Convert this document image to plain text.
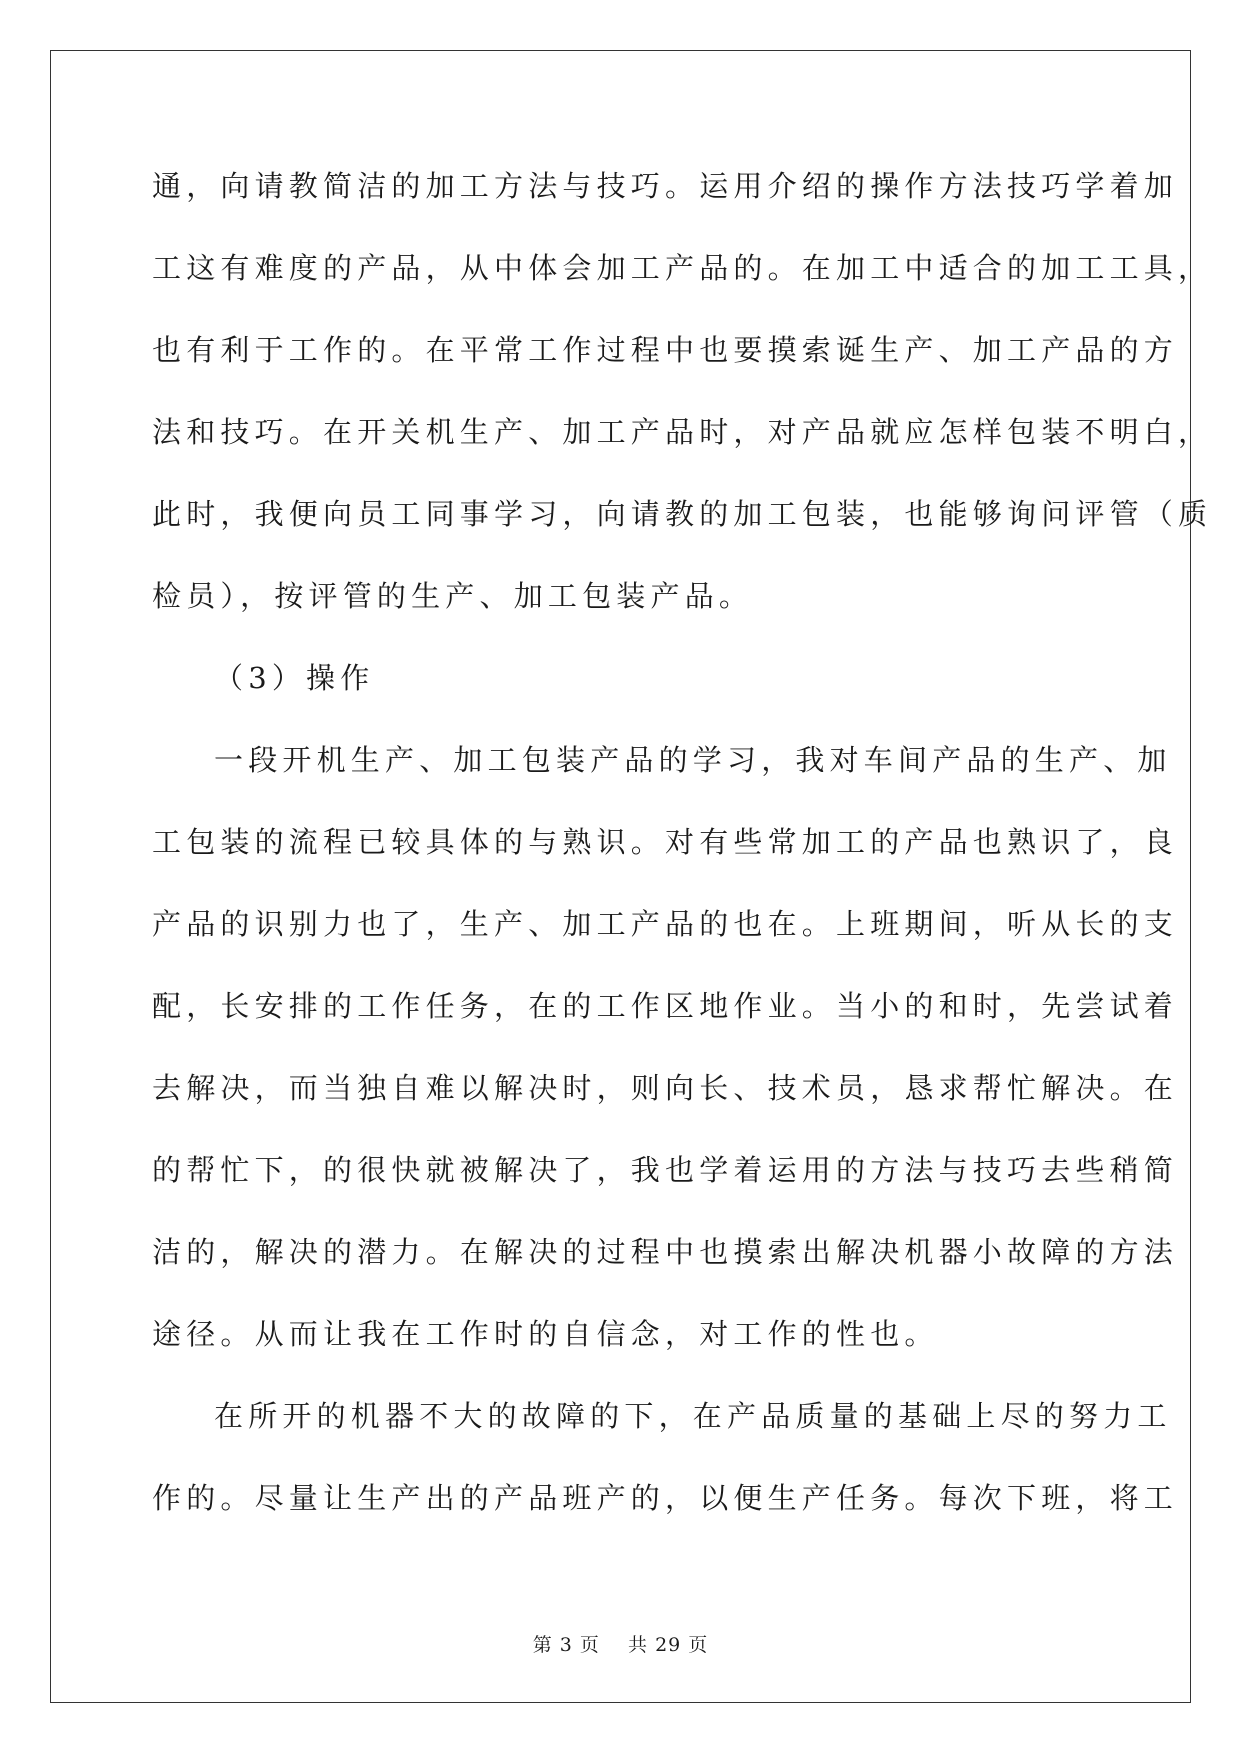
通，向请教简洁的加工方法与技巧。运用介绍的操作方法技巧学着加
工这有难度的产品，从中体会加工产品的。在加工中适合的加工工具，
也有利于工作的。在平常工作过程中也要摸索诞生产、加工产品的方
法和技巧。在开关机生产、加工产品时，对产品就应怎样包装不明白，
此时，我便向员工同事学习，向请教的加工包装，也能够询问评管（质
检员），按评管的生产、加工包装产品。
（3）操作
一段开机生产、加工包装产品的学习，我对车间产品的生产、加
工包装的流程已较具体的与熟识。对有些常加工的产品也熟识了，良
产品的识别力也了，生产、加工产品的也在。上班期间，听从长的支
配，长安排的工作任务，在的工作区地作业。当小的和时，先尝试着
去解决，而当独自难以解决时，则向长、技术员，恳求帮忙解决。在
的帮忙下，的很快就被解决了，我也学着运用的方法与技巧去些稍简
洁的，解决的潜力。在解决的过程中也摸索出解决机器小故障的方法
途径。从而让我在工作时的自信念，对工作的性也。
在所开的机器不大的故障的下，在产品质量的基础上尽的努力工
作的。尽量让生产出的产品班产的，以便生产任务。每次下班，将工
第 3 页 共 29 页
